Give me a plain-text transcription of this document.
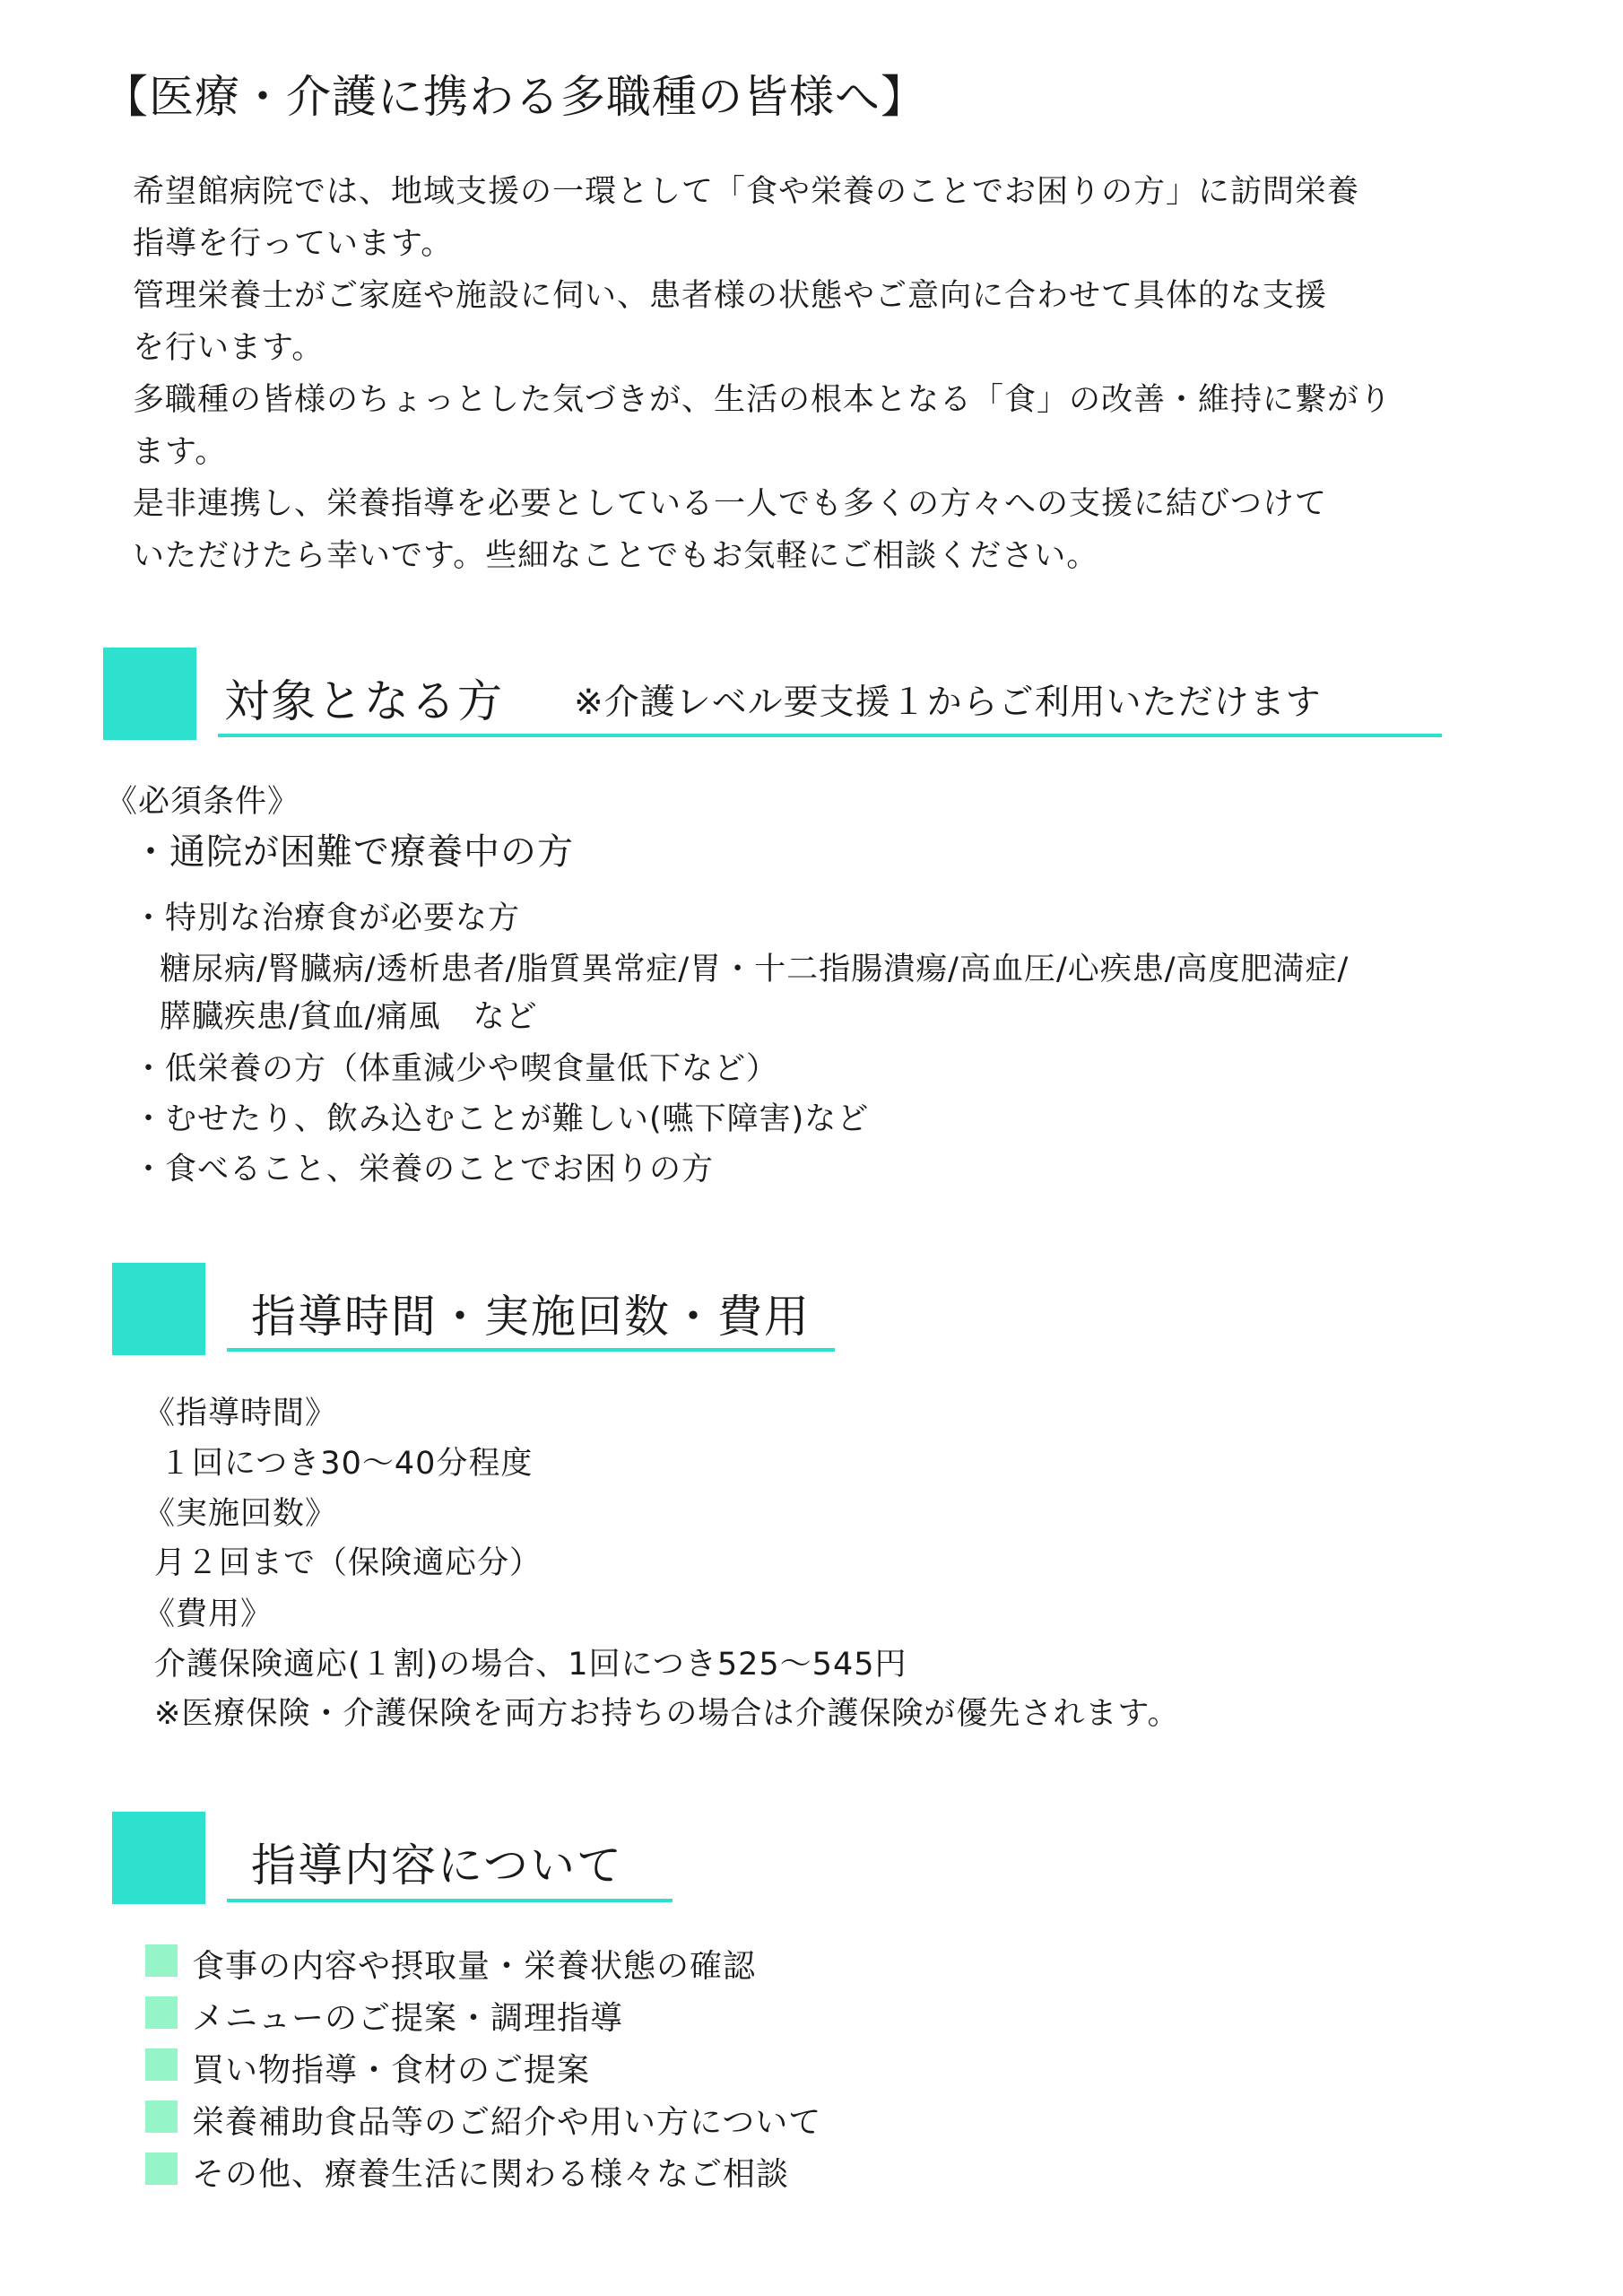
【医療・介護に携わる多職種の皆様へ】
希望館病院では、地域支援の一環として「食や栄養のことでお困りの方」に訪問栄養
指導を行っています。
管理栄養士がご家庭や施設に伺い、患者様の状態やご意向に合わせて具体的な支援
を行います。
多職種の皆様のちょっとした気づきが、生活の根本となる「食」の改善・維持に繋がり
ます。
是非連携し、栄養指導を必要としている一人でも多くの方々への支援に結びつけて
いただけたら幸いです。些細なことでもお気軽にご相談ください。
対象となる方 ※介護レベル要支援１からご利用いただけます
《必須条件》
・通院が困難で療養中の方
・特別な治療食が必要な方
糖尿病/腎臓病/透析患者/脂質異常症/胃・十二指腸潰瘍/高血圧/心疾患/高度肥満症/
膵臓疾患/貧血/痛風　など
・低栄養の方（体重減少や喫食量低下など）
・むせたり、飲み込むことが難しい(嚥下障害)など
・食べること、栄養のことでお困りの方
指導時間・実施回数・費用
《指導時間》
１回につき30〜40分程度
《実施回数》
月２回まで（保険適応分）
《費用》
介護保険適応(１割)の場合、1回につき525〜545円
※医療保険・介護保険を両方お持ちの場合は介護保険が優先されます。
指導内容について
食事の内容や摂取量・栄養状態の確認
メニューのご提案・調理指導
買い物指導・食材のご提案
栄養補助食品等のご紹介や用い方について
その他、療養生活に関わる様々なご相談
